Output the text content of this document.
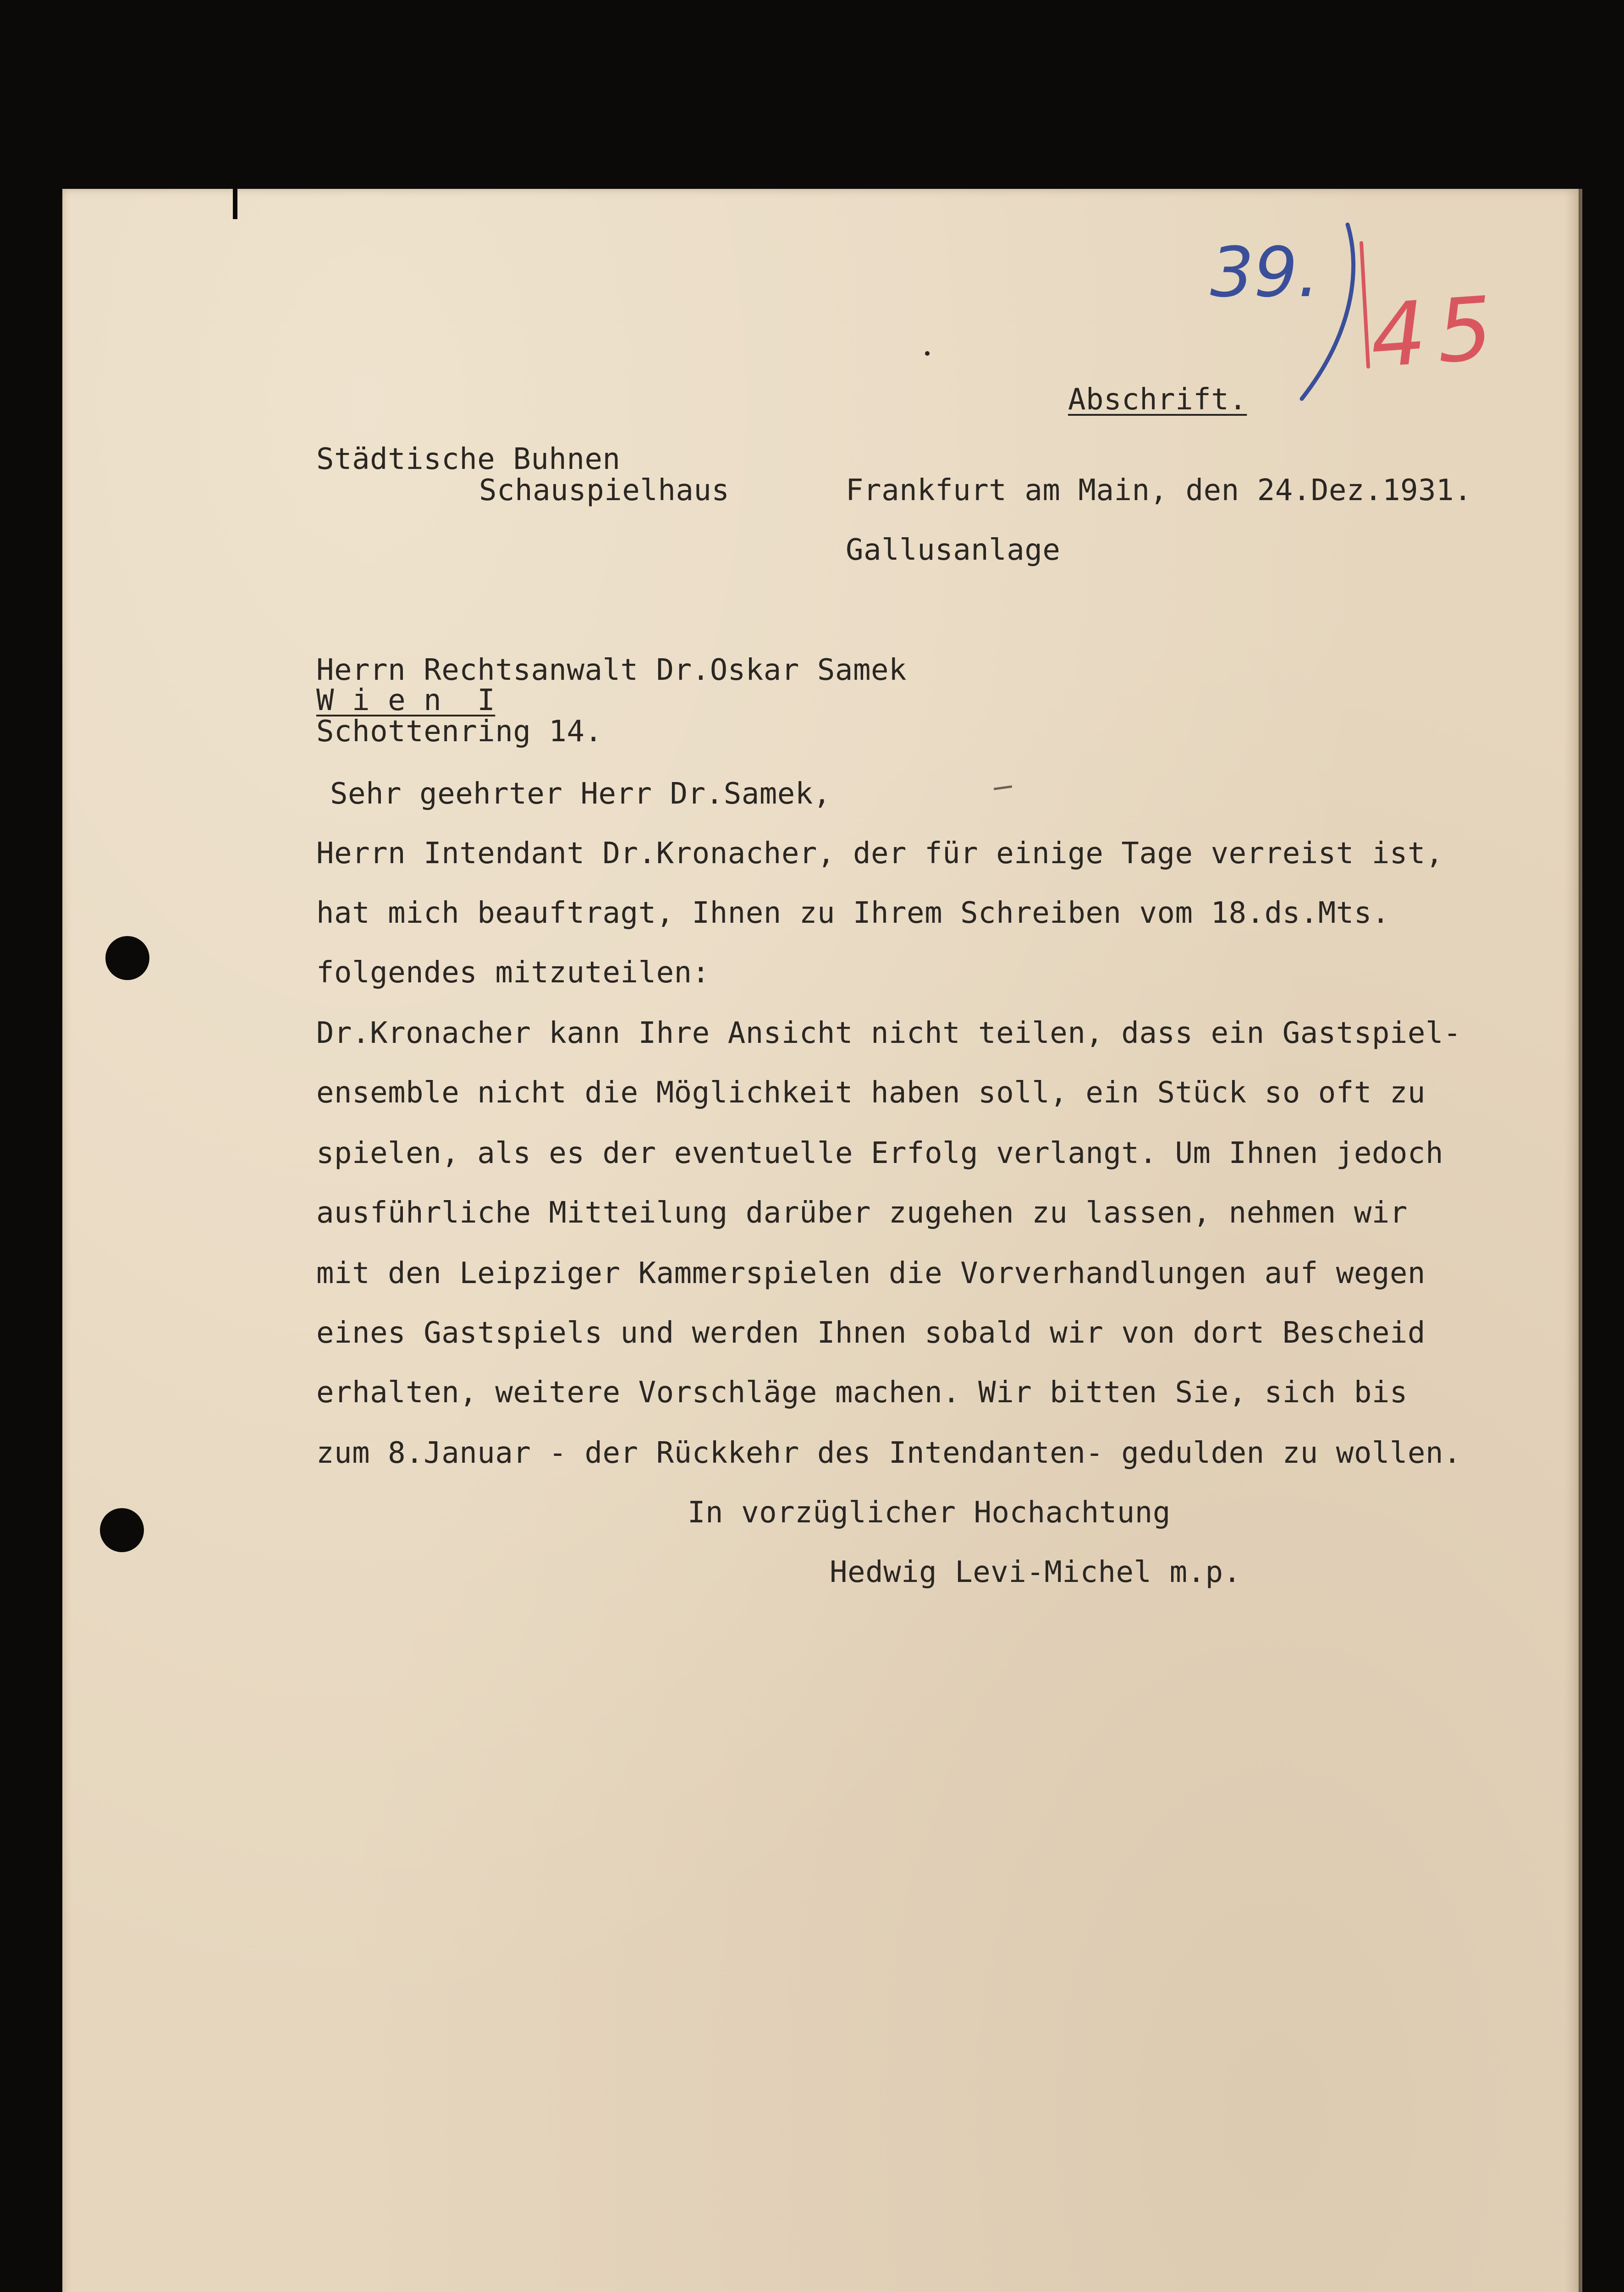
39.
45
Abschrift.
Städtische Buhnen
Schauspielhaus	Frankfurt am Main, den 24.Dez.1931.
Gallusanlage
Herrn Rechtsanwalt Dr.Oskar Samek
W i e n  I
Schottenring 14.
Sehr geehrter Herr Dr.Samek,
Herrn Intendant Dr.Kronacher, der für einige Tage verreist ist,
hat mich beauftragt, Ihnen zu Ihrem Schreiben vom 18.ds.Mts.
folgendes mitzuteilen:
Dr.Kronacher kann Ihre Ansicht nicht teilen, dass ein Gastspiel-
ensemble nicht die Möglichkeit haben soll, ein Stück so oft zu
spielen, als es der eventuelle Erfolg verlangt. Um Ihnen jedoch
ausführliche Mitteilung darüber zugehen zu lassen, nehmen wir
mit den Leipziger Kammerspielen die Vorverhandlungen auf wegen
eines Gastspiels und werden Ihnen sobald wir von dort Bescheid
erhalten, weitere Vorschläge machen. Wir bitten Sie, sich bis
zum 8.Januar - der Rückkehr des Intendanten- gedulden zu wollen.
In vorzüglicher Hochachtung
Hedwig Levi-Michel m.p.
